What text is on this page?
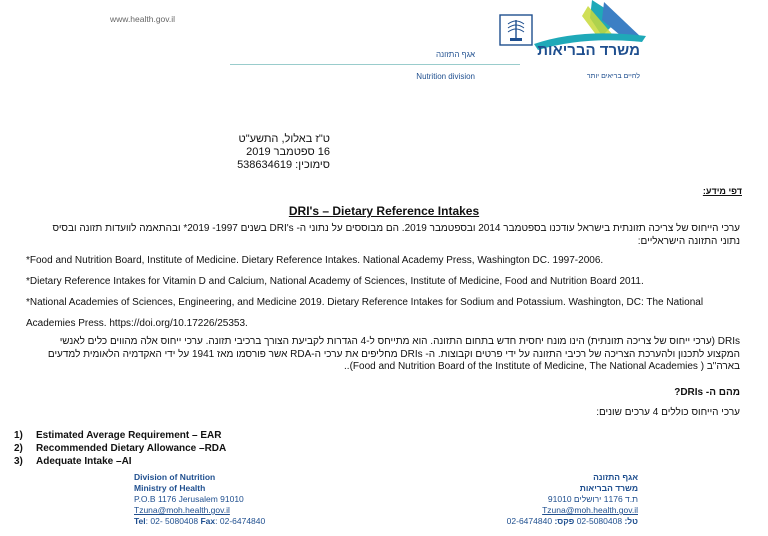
www.health.gov.il
אגף התזונה
Nutrition division
משרד הבריאות
לחיים בריאים יותר
ט"ז באלול, התשע"ט
16 ספטמבר 2019
סימוכין: 538634619
דפי מידע:
DRI's – Dietary Reference Intakes
ערכי הייחוס של צריכה תזונתית בישראל עודכנו בספטמבר 2014 ובספטמבר 2019. הם מבוססים על נתוני ה- DRI's בשנים 1997- 2019* ובהתאמה לוועדות תזונה ובסיס נתוני התזונה הישראליים:
*Food and Nutrition Board, Institute of Medicine. Dietary Reference Intakes. National Academy Press, Washington DC. 1997-2006.
*Dietary Reference Intakes for Vitamin D and Calcium, National Academy of Sciences, Institute of Medicine, Food and Nutrition Board 2011.
*National Academies of Sciences, Engineering, and Medicine 2019. Dietary Reference Intakes for Sodium and Potassium. Washington, DC: The National
Academies Press. https://doi.org/10.17226/25353.
DRIs (ערכי ייחוס של צריכה תזונתית) הינו מונח יחסית חדש בתחום התזונה. הוא מתייחס ל-4 הגדרות לקביעת הצורך ברכיבי תזונה. ערכי ייחוס אלה מהווים כלים לאנשי המקצוע לתכנון ולהערכת הצריכה של רכיבי התזונה על ידי פרטים וקבוצות. ה- DRIs מחליפים את ערכי ה-RDA אשר פורסמו מאז 1941 על ידי האקדמיה הלאומית למדעים בארה"ב ( Food and Nutrition Board of the Institute of Medicine, The National Academies)..
מהם ה- DRIs?
ערכי הייחוס כוללים 4 ערכים שונים:
1)	Estimated Average Requirement – EAR
2)	Recommended Dietary Allowance –RDA
3)	Adequate Intake –AI
Division of Nutrition
Ministry of Health
P.O.B 1176 Jerusalem 91010
Tzuna@moh.health.gov.il
Tel: 02- 5080408 Fax: 02-6474840
אגף התזונה
משרד הבריאות
ת.ד 1176 ירושלים 91010
Tzuna@moh.health.gov.il
טל: 02-5080408 פקס: 02-6474840
